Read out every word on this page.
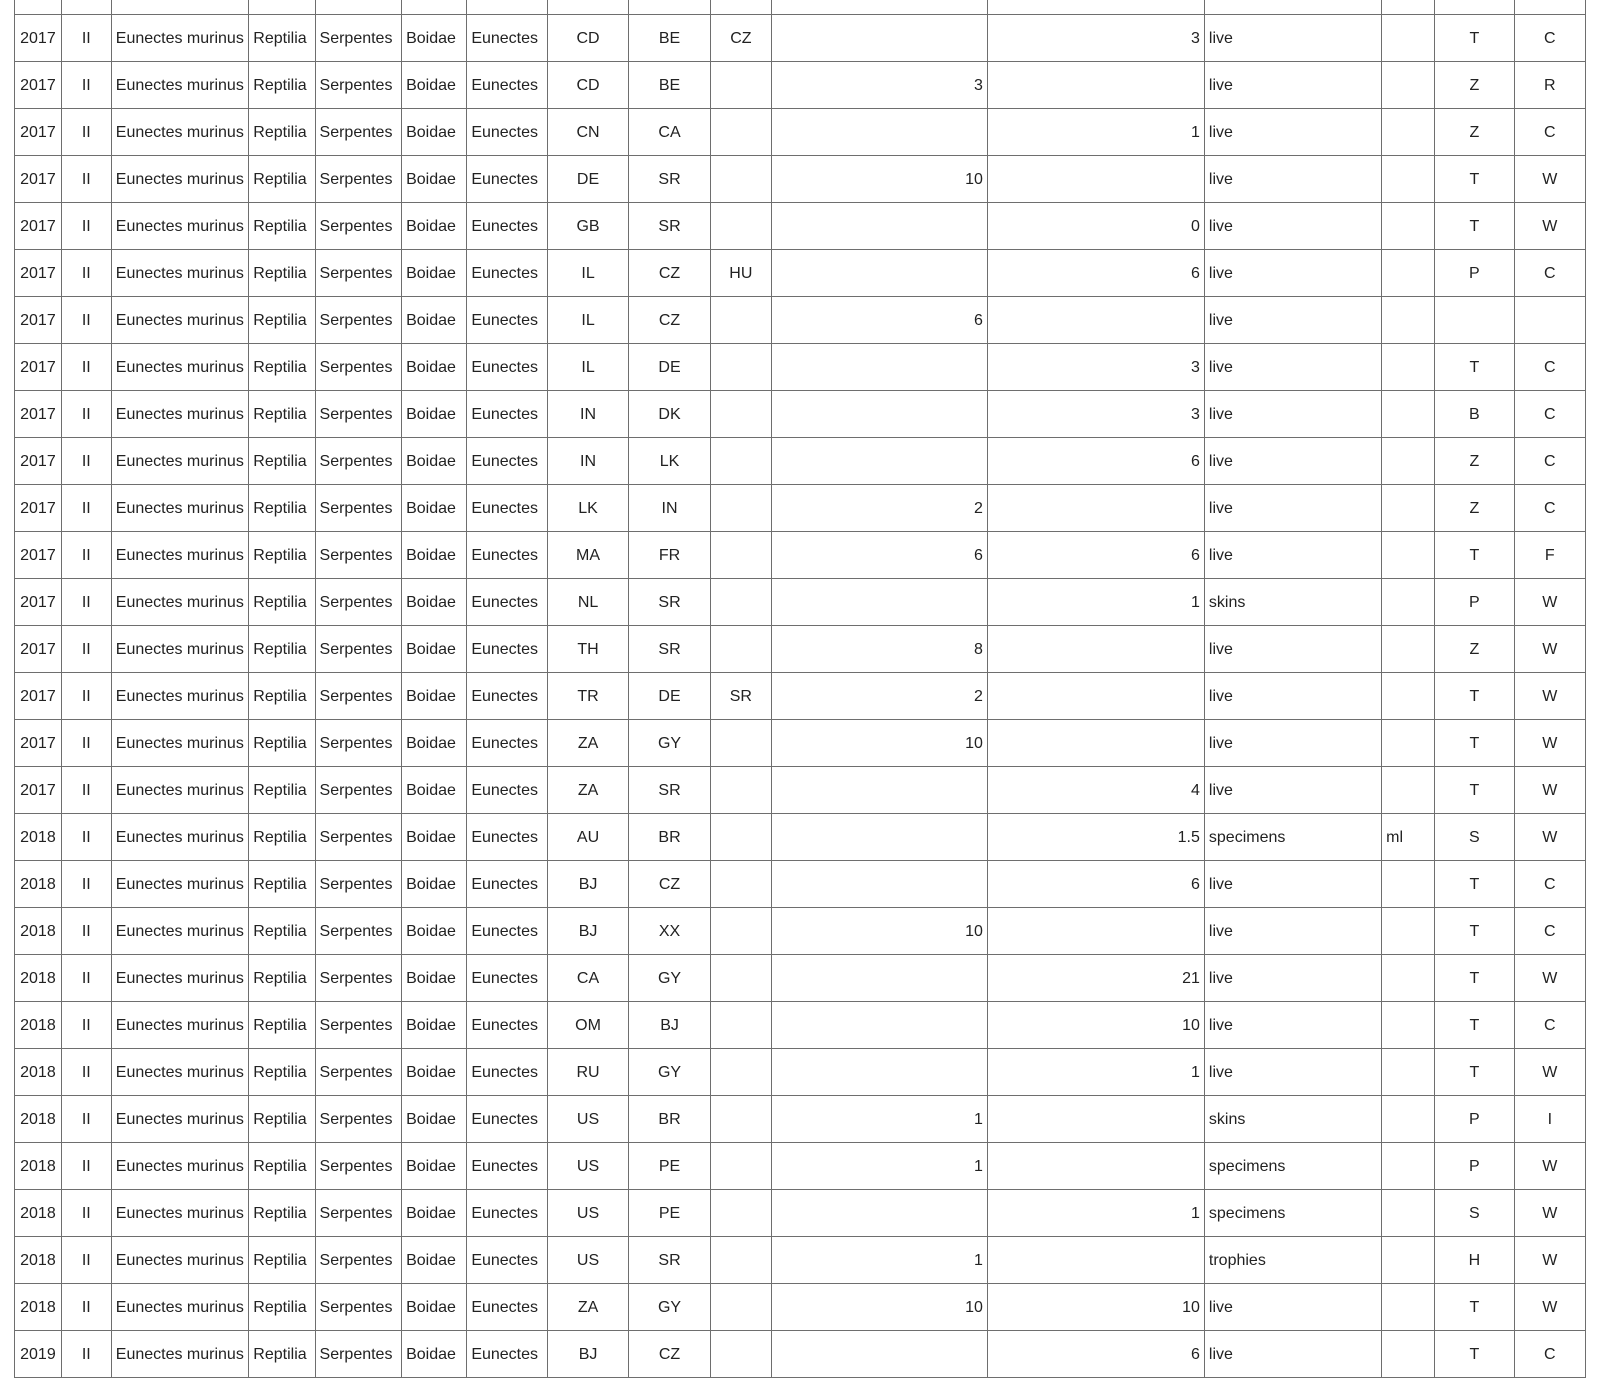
2017	II	Eunectes murinus	Reptilia	Serpentes	Boidae	Eunectes	CD	BE	CZ		3	live		T	C
2017	II	Eunectes murinus	Reptilia	Serpentes	Boidae	Eunectes	CD	BE		3		live		Z	R
2017	II	Eunectes murinus	Reptilia	Serpentes	Boidae	Eunectes	CN	CA			1	live		Z	C
2017	II	Eunectes murinus	Reptilia	Serpentes	Boidae	Eunectes	DE	SR		10		live		T	W
2017	II	Eunectes murinus	Reptilia	Serpentes	Boidae	Eunectes	GB	SR			0	live		T	W
2017	II	Eunectes murinus	Reptilia	Serpentes	Boidae	Eunectes	IL	CZ	HU		6	live		P	C
2017	II	Eunectes murinus	Reptilia	Serpentes	Boidae	Eunectes	IL	CZ		6		live			
2017	II	Eunectes murinus	Reptilia	Serpentes	Boidae	Eunectes	IL	DE			3	live		T	C
2017	II	Eunectes murinus	Reptilia	Serpentes	Boidae	Eunectes	IN	DK			3	live		B	C
2017	II	Eunectes murinus	Reptilia	Serpentes	Boidae	Eunectes	IN	LK			6	live		Z	C
2017	II	Eunectes murinus	Reptilia	Serpentes	Boidae	Eunectes	LK	IN		2		live		Z	C
2017	II	Eunectes murinus	Reptilia	Serpentes	Boidae	Eunectes	MA	FR		6	6	live		T	F
2017	II	Eunectes murinus	Reptilia	Serpentes	Boidae	Eunectes	NL	SR			1	skins		P	W
2017	II	Eunectes murinus	Reptilia	Serpentes	Boidae	Eunectes	TH	SR		8		live		Z	W
2017	II	Eunectes murinus	Reptilia	Serpentes	Boidae	Eunectes	TR	DE	SR	2		live		T	W
2017	II	Eunectes murinus	Reptilia	Serpentes	Boidae	Eunectes	ZA	GY		10		live		T	W
2017	II	Eunectes murinus	Reptilia	Serpentes	Boidae	Eunectes	ZA	SR			4	live		T	W
2018	II	Eunectes murinus	Reptilia	Serpentes	Boidae	Eunectes	AU	BR			1.5	specimens	ml	S	W
2018	II	Eunectes murinus	Reptilia	Serpentes	Boidae	Eunectes	BJ	CZ			6	live		T	C
2018	II	Eunectes murinus	Reptilia	Serpentes	Boidae	Eunectes	BJ	XX		10		live		T	C
2018	II	Eunectes murinus	Reptilia	Serpentes	Boidae	Eunectes	CA	GY			21	live		T	W
2018	II	Eunectes murinus	Reptilia	Serpentes	Boidae	Eunectes	OM	BJ			10	live		T	C
2018	II	Eunectes murinus	Reptilia	Serpentes	Boidae	Eunectes	RU	GY			1	live		T	W
2018	II	Eunectes murinus	Reptilia	Serpentes	Boidae	Eunectes	US	BR		1		skins		P	I
2018	II	Eunectes murinus	Reptilia	Serpentes	Boidae	Eunectes	US	PE		1		specimens		P	W
2018	II	Eunectes murinus	Reptilia	Serpentes	Boidae	Eunectes	US	PE			1	specimens		S	W
2018	II	Eunectes murinus	Reptilia	Serpentes	Boidae	Eunectes	US	SR		1		trophies		H	W
2018	II	Eunectes murinus	Reptilia	Serpentes	Boidae	Eunectes	ZA	GY		10	10	live		T	W
2019	II	Eunectes murinus	Reptilia	Serpentes	Boidae	Eunectes	BJ	CZ			6	live		T	C
